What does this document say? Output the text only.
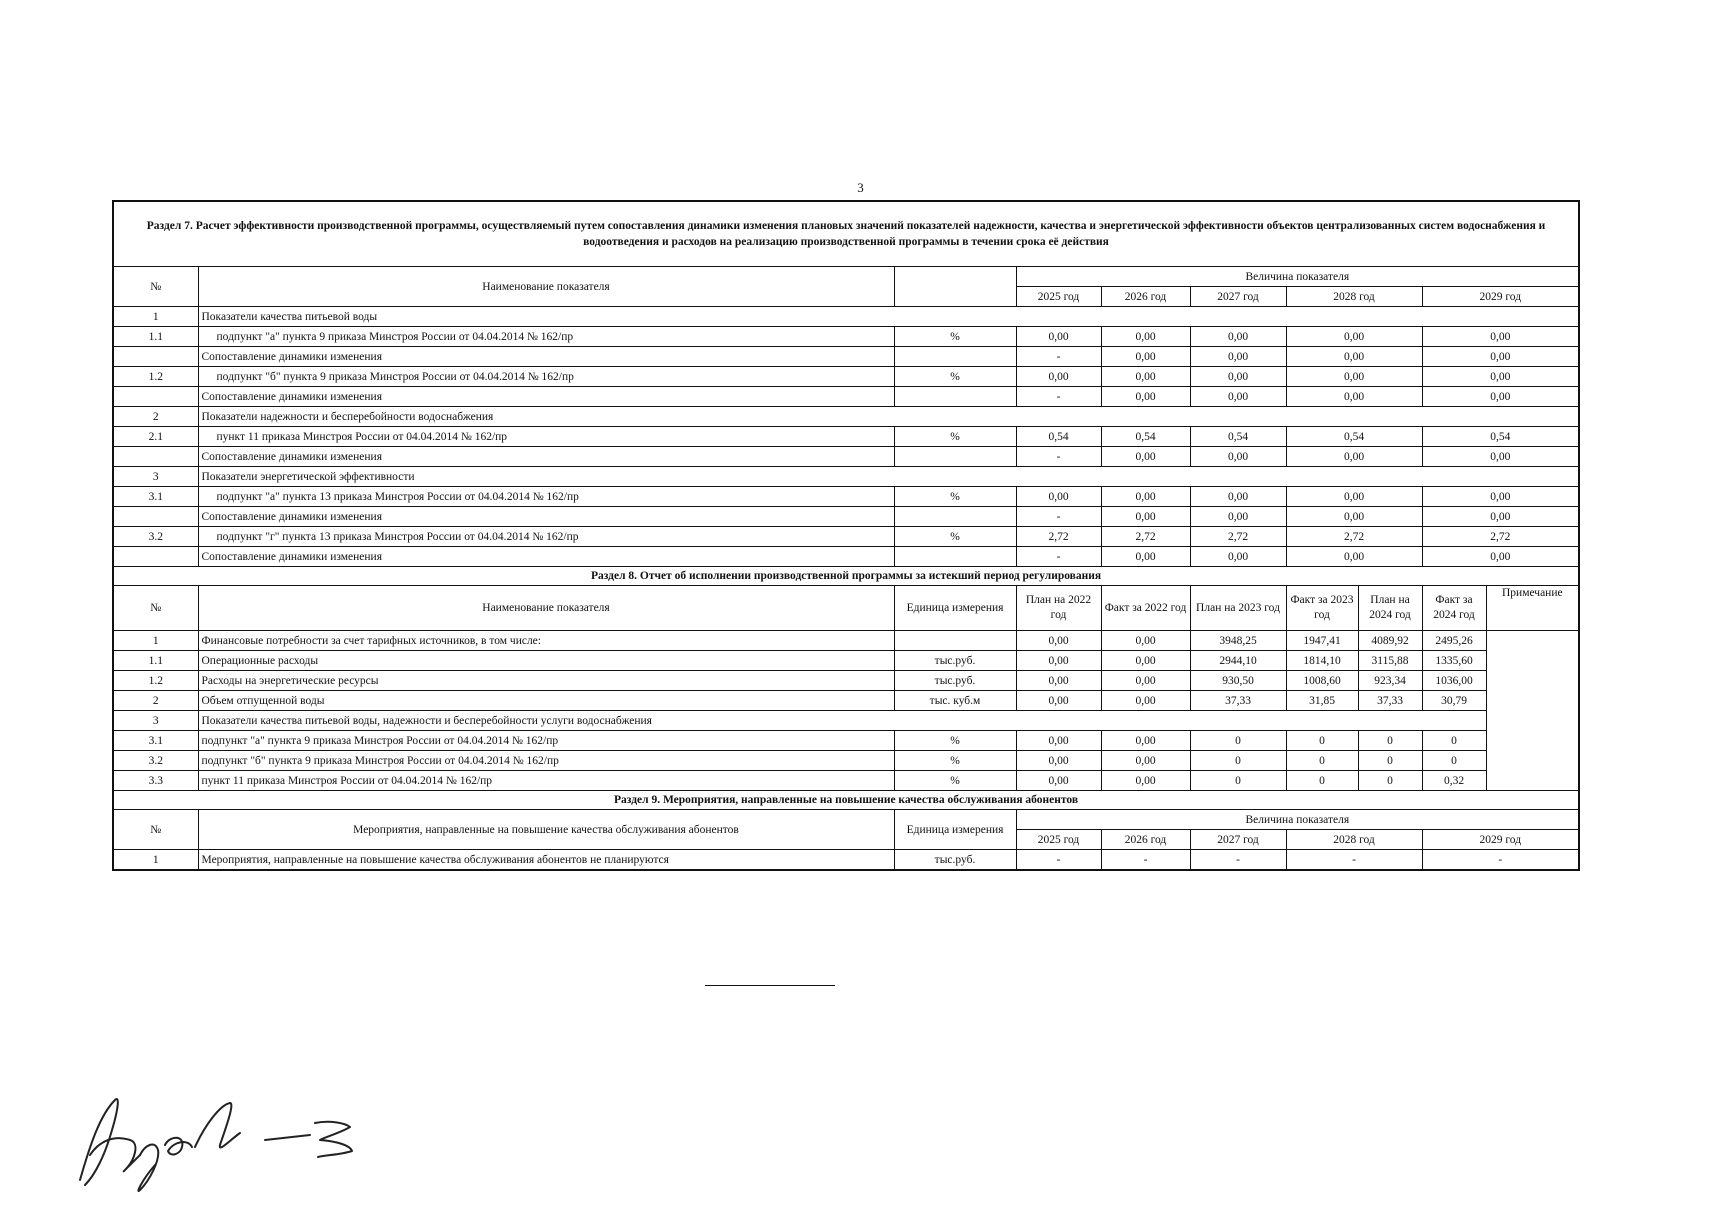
3
Раздел 7. Расчет эффективности производственной программы, осуществляемый путем сопоставления динамики изменения плановых значений показателей надежности, качества и энергетической эффективности объектов централизованных систем водоснабжения и водоотведения и расходов на реализацию производственной программы в течении срока её действия									
№	Наименование показателя		Величина показателя						
			2025 год	2026 год	2027 год	2028 год		2029 год	
1	Показатели качества питьевой воды								
1.1	подпункт "а" пункта 9 приказа Минстроя России от 04.04.2014 № 162/пр	%	0,00	0,00	0,00	0,00		0,00	
	Сопоставление динамики изменения		-	0,00	0,00	0,00		0,00	
1.2	подпункт "б" пункта 9 приказа Минстроя России от 04.04.2014 № 162/пр	%	0,00	0,00	0,00	0,00		0,00	
	Сопоставление динамики изменения		-	0,00	0,00	0,00		0,00	
2	Показатели надежности и бесперебойности водоснабжения								
2.1	пункт 11 приказа Минстроя России от 04.04.2014 № 162/пр	%	0,54	0,54	0,54	0,54		0,54	
	Сопоставление динамики изменения		-	0,00	0,00	0,00		0,00	
3	Показатели энергетической эффективности								
3.1	подпункт "а" пункта 13 приказа Минстроя России от 04.04.2014 № 162/пр	%	0,00	0,00	0,00	0,00		0,00	
	Сопоставление динамики изменения		-	0,00	0,00	0,00		0,00	
3.2	подпункт "г" пункта 13 приказа Минстроя России от 04.04.2014 № 162/пр	%	2,72	2,72	2,72	2,72		2,72	
	Сопоставление динамики изменения		-	0,00	0,00	0,00		0,00	
Раздел 8. Отчет об исполнении производственной программы за истекший период регулирования									
№	Наименование показателя	Единица измерения	План на 2022 год	Факт за 2022 год	План на 2023 год	Факт за 2023 год	План на 2024 год	Факт за 2024 год	Примечание
1	Финансовые потребности за счет тарифных источников, в том числе:		0,00	0,00	3948,25	1947,41	4089,92	2495,26	
1.1	Операционные расходы	тыс.руб.	0,00	0,00	2944,10	1814,10	3115,88	1335,60	
1.2	Расходы на энергетические ресурсы	тыс.руб.	0,00	0,00	930,50	1008,60	923,34	1036,00	
2	Объем отпущенной воды	тыс. куб.м	0,00	0,00	37,33	31,85	37,33	30,79	
3	Показатели качества питьевой воды, надежности и бесперебойности услуги водоснабжения								
3.1	подпункт "а" пункта 9 приказа Минстроя России от 04.04.2014 № 162/пр	%	0,00	0,00	0	0	0	0	
3.2	подпункт "б" пункта 9 приказа Минстроя России от 04.04.2014 № 162/пр	%	0,00	0,00	0	0	0	0	
3.3	пункт 11 приказа Минстроя России от 04.04.2014 № 162/пр	%	0,00	0,00	0	0	0	0,32	
Раздел 9. Мероприятия, направленные на повышение качества обслуживания абонентов									
№	Мероприятия, направленные на повышение качества обслуживания абонентов	Единица измерения	Величина показателя						
			2025 год	2026 год	2027 год	2028 год		2029 год	
1	Мероприятия, направленные на повышение качества обслуживания абонентов не планируются	тыс.руб.	-	-	-	-		-	
